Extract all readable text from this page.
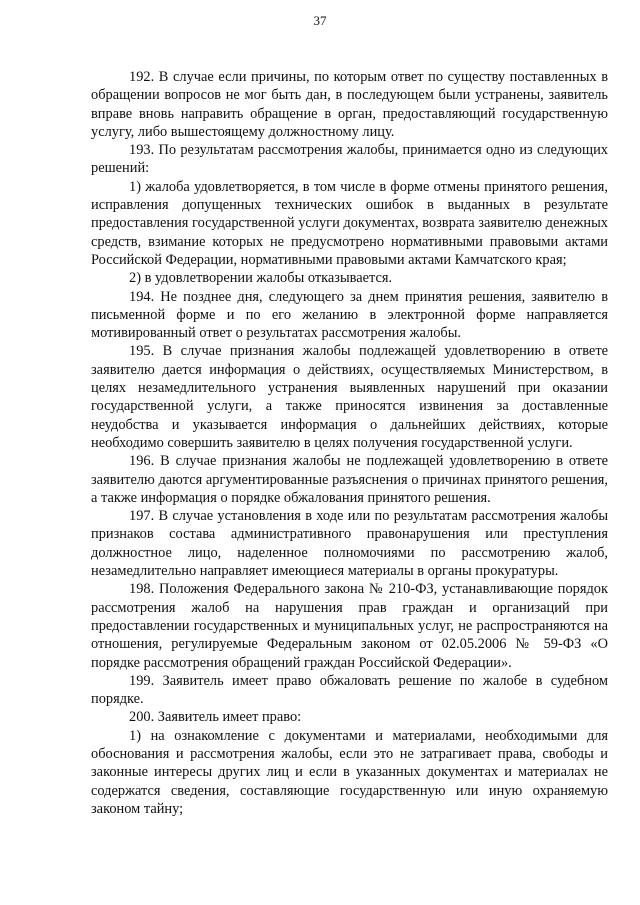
37

192. В случае если причины, по которым ответ по существу поставленных в обращении вопросов не мог быть дан, в последующем были устранены, заявитель вправе вновь направить обращение в орган, предоставляющий государственную услугу, либо вышестоящему должностному лицу.

193. По результатам рассмотрения жалобы, принимается одно из следующих решений:

1) жалоба удовлетворяется, в том числе в форме отмены принятого решения, исправления допущенных технических ошибок в выданных в результате предоставления государственной услуги документах, возврата заявителю денежных средств, взимание которых не предусмотрено нормативными правовыми актами Российской Федерации, нормативными правовыми актами Камчатского края;

2) в удовлетворении жалобы отказывается.

194. Не позднее дня, следующего за днем принятия решения, заявителю в письменной форме и по его желанию в электронной форме направляется мотивированный ответ о результатах рассмотрения жалобы.

195. В случае признания жалобы подлежащей удовлетворению в ответе заявителю дается информация о действиях, осуществляемых Министерством, в целях незамедлительного устранения выявленных нарушений при оказании государственной услуги, а также приносятся извинения за доставленные неудобства и указывается информация о дальнейших действиях, которые необходимо совершить заявителю в целях получения государственной услуги.

196. В случае признания жалобы не подлежащей удовлетворению в ответе заявителю даются аргументированные разъяснения о причинах принятого решения, а также информация о порядке обжалования принятого решения.

197. В случае установления в ходе или по результатам рассмотрения жалобы признаков состава административного правонарушения или преступления должностное лицо, наделенное полномочиями по рассмотрению жалоб, незамедлительно направляет имеющиеся материалы в органы прокуратуры.

198. Положения Федерального закона № 210-ФЗ, устанавливающие порядок рассмотрения жалоб на нарушения прав граждан и организаций при предоставлении государственных и муниципальных услуг, не распространяются на отношения, регулируемые Федеральным законом от 02.05.2006 № 59-ФЗ «О порядке рассмотрения обращений граждан Российской Федерации».

199. Заявитель имеет право обжаловать решение по жалобе в судебном порядке.

200. Заявитель имеет право:

1) на ознакомление с документами и материалами, необходимыми для обоснования и рассмотрения жалобы, если это не затрагивает права, свободы и законные интересы других лиц и если в указанных документах и материалах не содержатся сведения, составляющие государственную или иную охраняемую законом тайну;
